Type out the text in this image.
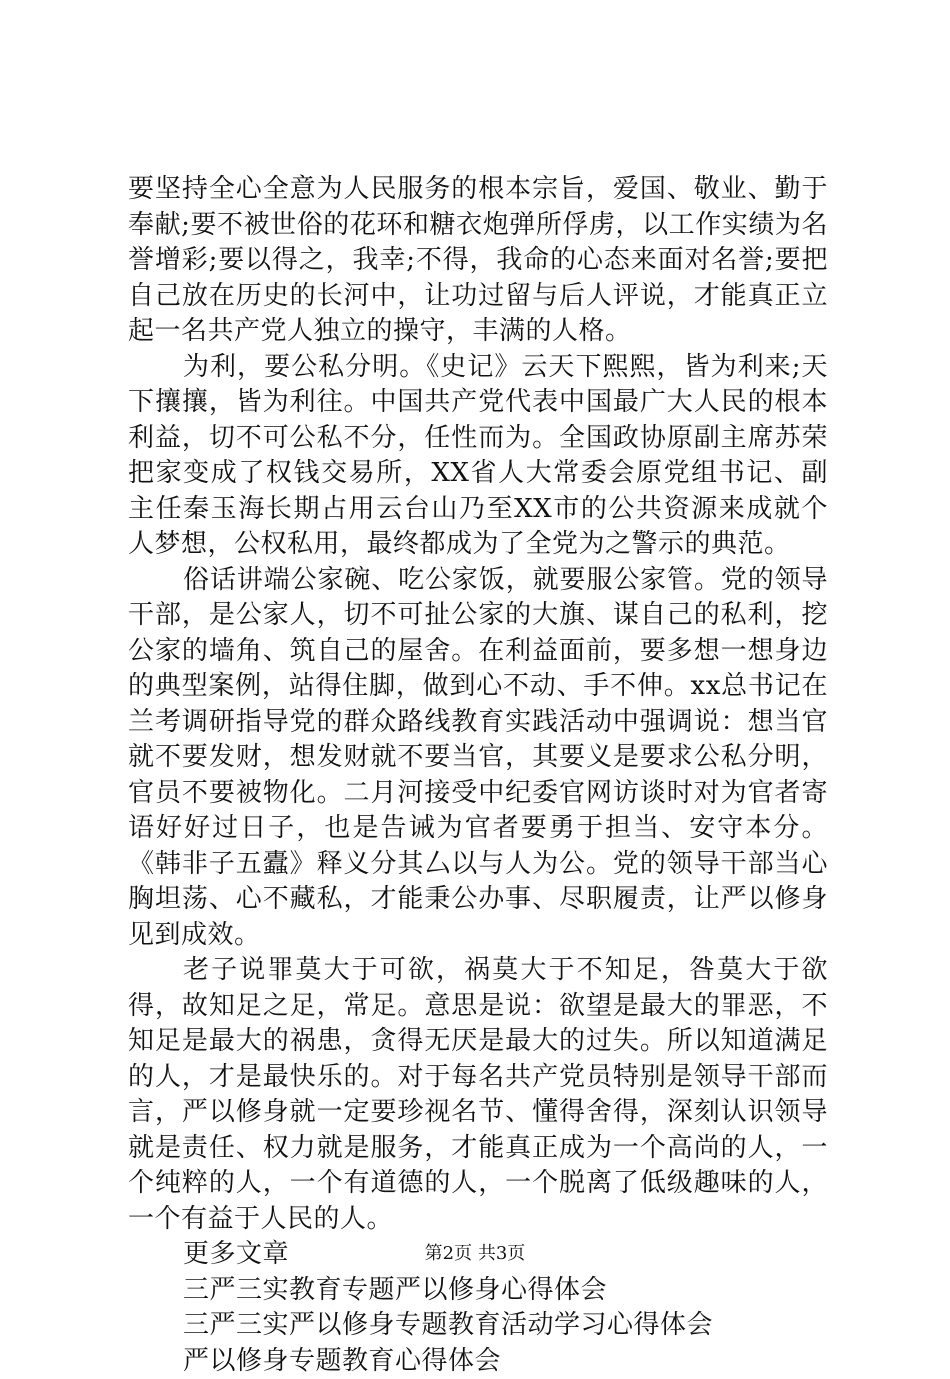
要坚持全心全意为人民服务的根本宗旨，爱国、敬业、勤于奉献;要不被世俗的花环和糖衣炮弹所俘虏，以工作实绩为名誉增彩;要以得之，我幸;不得，我命的心态来面对名誉;要把自己放在历史的长河中，让功过留与后人评说，才能真正立起一名共产党人独立的操守，丰满的人格。

为利，要公私分明。《史记》云天下熙熙，皆为利来;天下攘攘，皆为利往。中国共产党代表中国最广大人民的根本利益，切不可公私不分，任性而为。全国政协原副主席苏荣把家变成了权钱交易所，XX省人大常委会原党组书记、副主任秦玉海长期占用云台山乃至XX市的公共资源来成就个人梦想，公权私用，最终都成为了全党为之警示的典范。

俗话讲端公家碗、吃公家饭，就要服公家管。党的领导干部，是公家人，切不可扯公家的大旗、谋自己的私利，挖公家的墙角、筑自己的屋舍。在利益面前，要多想一想身边的典型案例，站得住脚，做到心不动、手不伸。xx总书记在兰考调研指导党的群众路线教育实践活动中强调说：想当官就不要发财，想发财就不要当官，其要义是要求公私分明，官员不要被物化。二月河接受中纪委官网访谈时对为官者寄语好好过日子，也是告诫为官者要勇于担当、安守本分。《韩非子五蠹》释义分其厶以与人为公。党的领导干部当心胸坦荡、心不藏私，才能秉公办事、尽职履责，让严以修身见到成效。

老子说罪莫大于可欲，祸莫大于不知足，咎莫大于欲得，故知足之足，常足。意思是说：欲望是最大的罪恶，不知足是最大的祸患，贪得无厌是最大的过失。所以知道满足的人，才是最快乐的。对于每名共产党员特别是领导干部而言，严以修身就一定要珍视名节、懂得舍得，深刻认识领导就是责任、权力就是服务，才能真正成为一个高尚的人，一个纯粹的人，一个有道德的人，一个脱离了低级趣味的人，一个有益于人民的人。

更多文章

三严三实教育专题严以修身心得体会
三严三实严以修身专题教育活动学习心得体会
严以修身专题教育心得体会
第2页 共3页
